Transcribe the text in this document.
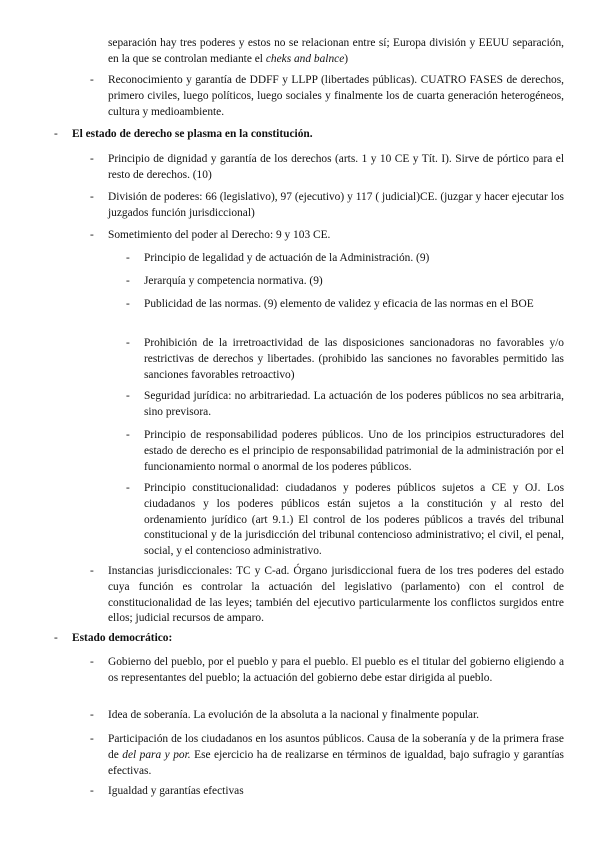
separación hay tres poderes y estos no se relacionan entre sí; Europa división y EEUU separación, en la que se controlan mediante el cheks and balnce)
-	Reconocimiento y garantía de DDFF y LLPP (libertades públicas). CUATRO FASES de derechos, primero civiles, luego políticos, luego sociales y finalmente los de cuarta generación heterogéneos, cultura y medioambiente.
-	El estado de derecho se plasma en la constitución.
-	Principio de dignidad y garantía de los derechos (arts. 1 y 10 CE y Tít. I). Sirve de pórtico para el resto de derechos. (10)
-	División de poderes: 66 (legislativo), 97 (ejecutivo) y 117 ( judicial)CE. (juzgar y hacer ejecutar los juzgados función jurisdiccional)
-	Sometimiento del poder al Derecho: 9 y 103 CE.
-	Principio de legalidad y de actuación de la Administración. (9)
-	Jerarquía y competencia normativa. (9)
-	Publicidad de las normas. (9) elemento de validez y eficacia de las normas en el BOE
-	Prohibición de la irretroactividad de las disposiciones sancionadoras no favorables y/o restrictivas de derechos y libertades. (prohibido las sanciones no favorables permitido las sanciones favorables retroactivo)
-	Seguridad jurídica: no arbitrariedad. La actuación de los poderes públicos no sea arbitraria, sino previsora.
-	Principio de responsabilidad poderes públicos. Uno de los principios estructuradores del estado de derecho es el principio de responsabilidad patrimonial de la administración por el funcionamiento normal o anormal de los poderes públicos.
-	Principio constitucionalidad: ciudadanos y poderes públicos sujetos a CE y OJ. Los ciudadanos y los poderes públicos están sujetos a la constitución y al resto del ordenamiento jurídico (art 9.1.) El control de los poderes públicos a través del tribunal constitucional y de la jurisdicción del tribunal contencioso administrativo; el civil, el penal, social, y el contencioso administrativo.
-	Instancias jurisdiccionales: TC y C-ad. Órgano jurisdiccional fuera de los tres poderes del estado cuya función es controlar la actuación del legislativo (parlamento) con el control de constitucionalidad de las leyes; también del ejecutivo particularmente los conflictos surgidos entre ellos; judicial recursos de amparo.
-	Estado democrático:
-	Gobierno del pueblo, por el pueblo y para el pueblo. El pueblo es el titular del gobierno eligiendo a os representantes del pueblo; la actuación del gobierno debe estar dirigida al pueblo.
-	Idea de soberanía. La evolución de la absoluta a la nacional y finalmente popular.
-	Participación de los ciudadanos en los asuntos públicos. Causa de la soberanía y de la primera frase de del para y por. Ese ejercicio ha de realizarse en términos de igualdad, bajo sufragio y garantías efectivas.
-	Igualdad y garantías efectivas
